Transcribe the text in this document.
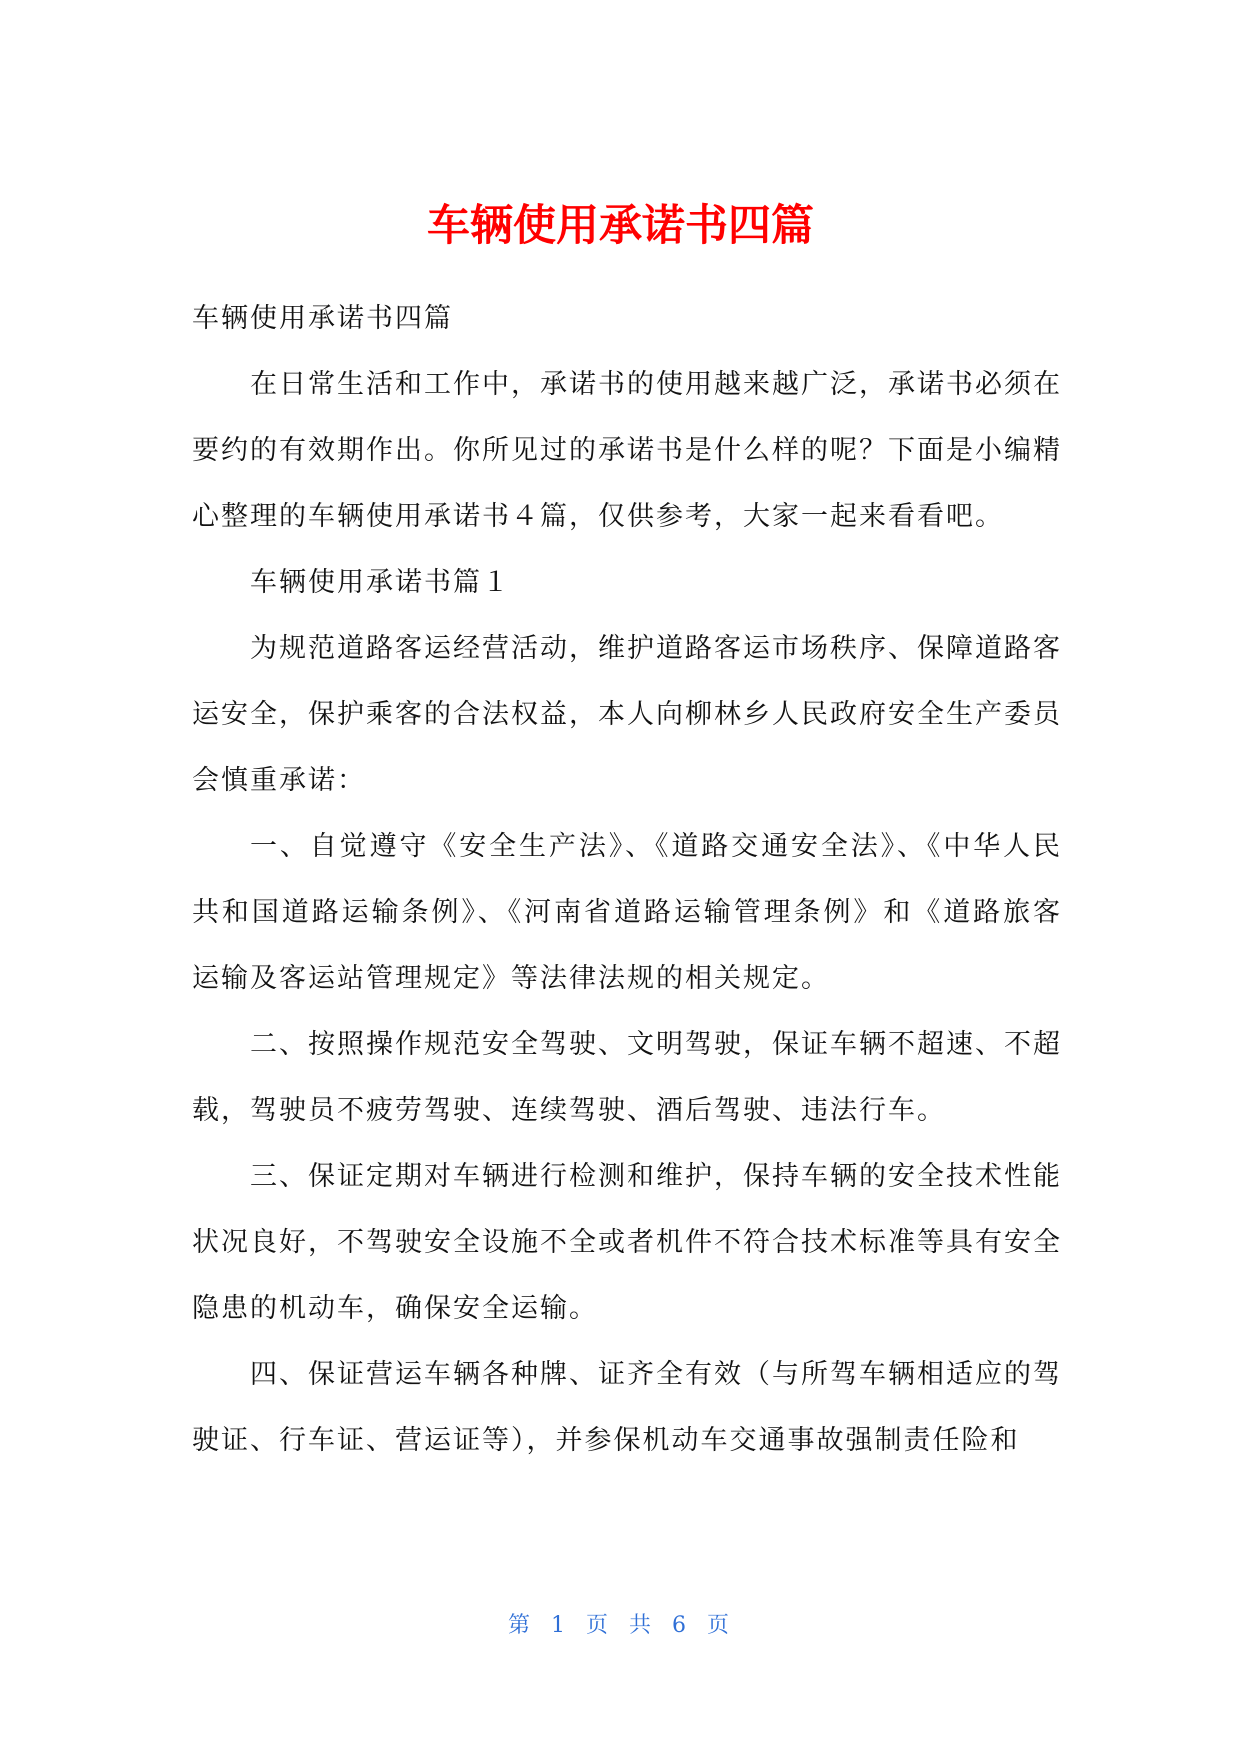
车辆使用承诺书四篇

车辆使用承诺书四篇

在日常生活和工作中，承诺书的使用越来越广泛，承诺书必须在要约的有效期作出。你所见过的承诺书是什么样的呢？下面是小编精心整理的车辆使用承诺书４篇，仅供参考，大家一起来看看吧。

车辆使用承诺书篇１

为规范道路客运经营活动，维护道路客运市场秩序、保障道路客运安全，保护乘客的合法权益，本人向柳林乡人民政府安全生产委员会慎重承诺：

一、自觉遵守《安全生产法》、《道路交通安全法》、《中华人民共和国道路运输条例》、《河南省道路运输管理条例》和《道路旅客运输及客运站管理规定》等法律法规的相关规定。

二、按照操作规范安全驾驶、文明驾驶，保证车辆不超速、不超载，驾驶员不疲劳驾驶、连续驾驶、酒后驾驶、违法行车。

三、保证定期对车辆进行检测和维护，保持车辆的安全技术性能状况良好，不驾驶安全设施不全或者机件不符合技术标准等具有安全隐患的机动车，确保安全运输。

四、保证营运车辆各种牌、证齐全有效（与所驾车辆相适应的驾驶证、行车证、营运证等），并参保机动车交通事故强制责任险和

第 1 页 共 6 页
